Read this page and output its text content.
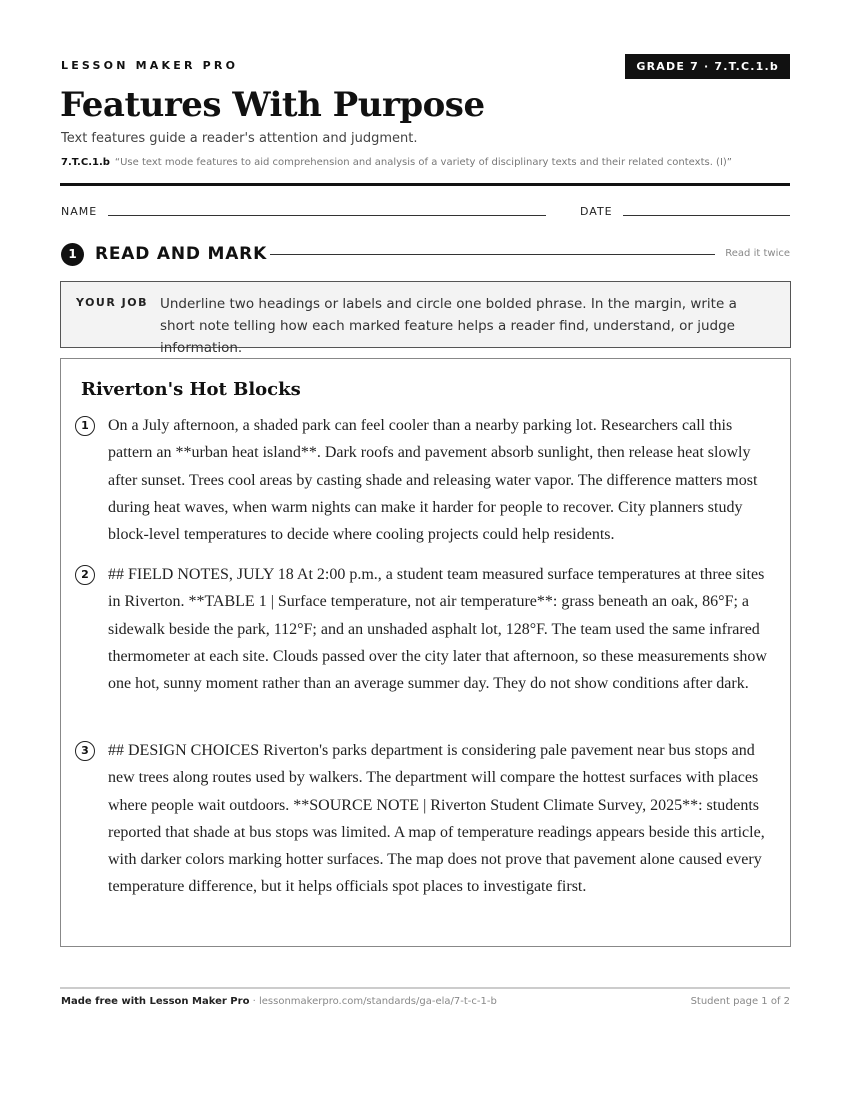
LESSON MAKER PRO	GRADE 7 · 7.T.C.1.b
Features With Purpose
Text features guide a reader's attention and judgment.
7.T.C.1.b “Use text mode features to aid comprehension and analysis of a variety of disciplinary texts and their related contexts. (I)”
NAME	DATE
1	READ AND MARK	Read it twice
YOUR JOB Underline two headings or labels and circle one bolded phrase. In the margin, write a short note telling how each marked feature helps a reader find, understand, or judge information.
Riverton's Hot Blocks
1	On a July afternoon, a shaded park can feel cooler than a nearby parking lot. Researchers call this pattern an **urban heat island**. Dark roofs and pavement absorb sunlight, then release heat slowly after sunset. Trees cool areas by casting shade and releasing water vapor. The difference matters most during heat waves, when warm nights can make it harder for people to recover. City planners study block-level temperatures to decide where cooling projects could help residents.
2	## FIELD NOTES, JULY 18 At 2:00 p.m., a student team measured surface temperatures at three sites in Riverton. **TABLE 1 | Surface temperature, not air temperature**: grass beneath an oak, 86°F; a sidewalk beside the park, 112°F; and an unshaded asphalt lot, 128°F. The team used the same infrared thermometer at each site. Clouds passed over the city later that afternoon, so these measurements show one hot, sunny moment rather than an average summer day. They do not show conditions after dark.
3	## DESIGN CHOICES Riverton's parks department is considering pale pavement near bus stops and new trees along routes used by walkers. The department will compare the hottest surfaces with places where people wait outdoors. **SOURCE NOTE | Riverton Student Climate Survey, 2025**: students reported that shade at bus stops was limited. A map of temperature readings appears beside this article, with darker colors marking hotter surfaces. The map does not prove that pavement alone caused every temperature difference, but it helps officials spot places to investigate first.
Made free with Lesson Maker Pro · lessonmakerpro.com/standards/ga-ela/7-t-c-1-b	Student page 1 of 2
